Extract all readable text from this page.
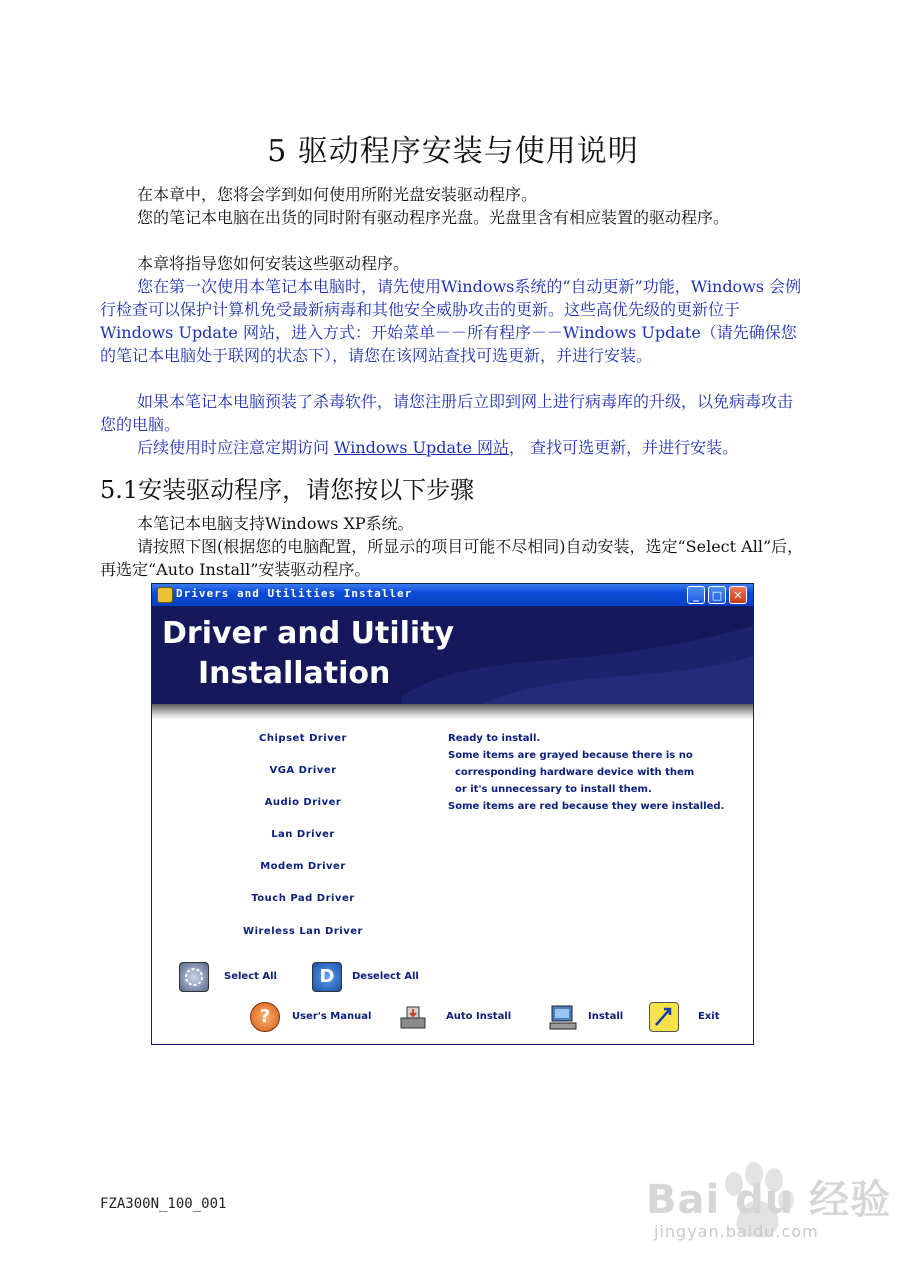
5 驱动程序安装与使用说明

在本章中，您将会学到如何使用所附光盘安装驱动程序。

您的笔记本电脑在出货的同时附有驱动程序光盘。光盘里含有相应装置的驱动程序。

本章将指导您如何安装这些驱动程序。

您在第一次使用本笔记本电脑时，请先使用Windows系统的“自动更新”功能，Windows 会例行检查可以保护计算机免受最新病毒和其他安全威胁攻击的更新。这些高优先级的更新位于 Windows Update 网站，进入方式：开始菜单－－所有程序－－Windows Update（请先确保您的笔记本电脑处于联网的状态下），请您在该网站查找可选更新，并进行安装。

如果本笔记本电脑预装了杀毒软件，请您注册后立即到网上进行病毒库的升级，以免病毒攻击您的电脑。

后续使用时应注意定期访问 Windows Update 网站， 查找可选更新，并进行安装。

5.1安装驱动程序，请您按以下步骤

本笔记本电脑支持Windows XP系统。

请按照下图(根据您的电脑配置，所显示的项目可能不尽相同)自动安装，选定“Select All”后，再选定“Auto Install”安装驱动程序。

Drivers and Utilities Installer	_	□	✕
Driver and Utility
Installation
Chipset Driver
VGA Driver
Audio Driver
Lan Driver
Modem Driver
Touch Pad Driver
Wireless Lan Driver
Ready to install.
Some items are grayed because there is no
corresponding hardware device with them
or it's unnecessary to install them.
Some items are red because they were installed.
Select All	D	Deselect All
?	User's Manual	Auto Install	Install	Exit
FZA300N_100_001	Bai du 经验
jingyan.baidu.com
